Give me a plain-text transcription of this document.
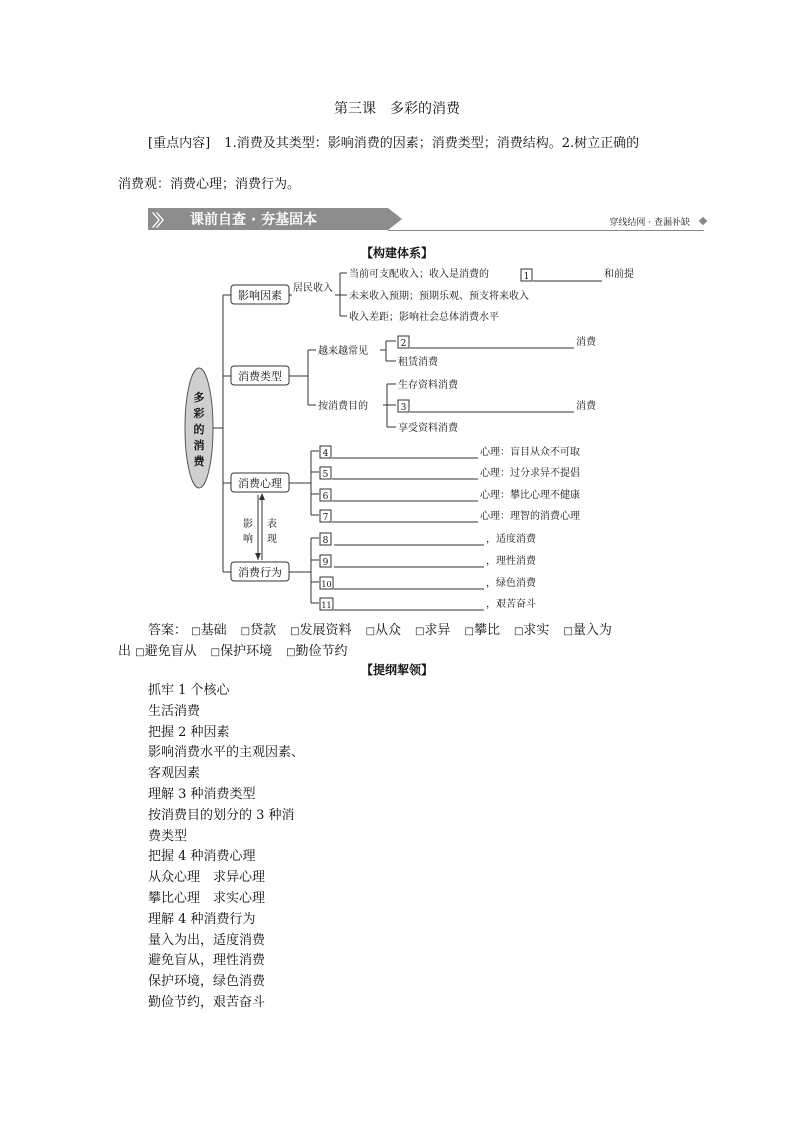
第三课　多彩的消费
[重点内容] 1.消费及其类型：影响消费的因素；消费类型；消费结构。2.树立正确的
消费观：消费心理；消费行为。
〉〉 课前自查 · 夯基固本	穿线结网 · 查漏补缺
【构建体系】
多
彩
的
消
费
影响因素
消费类型
消费心理
消费行为
居民收入
当前可支配收入；收入是消费的	1	和前提
未来收入预期；预期乐观、预支将来收入
收入差距；影响社会总体消费水平
越来越常见
2	消费
租赁消费
按消费目的
生存资料消费
3	消费
享受资料消费
4	心理：盲目从众不可取
5	心理：过分求异不提倡
6	心理：攀比心理不健康
7	心理：理智的消费心理
影
响
表
现	8	，适度消费
9	，理性消费
10	，绿色消费
11	，艰苦奋斗
答案： □基础 □贷款 □发展资料 □从众 □求异 □攀比 □求实 □量入为
出 □避免盲从 □保护环境 □勤俭节约
【提纲挈领】
抓牢 1 个核心
生活消费
把握 2 种因素
影响消费水平的主观因素、
客观因素
理解 3 种消费类型
按消费目的划分的 3 种消
费类型
把握 4 种消费心理
从众心理　求异心理
攀比心理　求实心理
理解 4 种消费行为
量入为出，适度消费
避免盲从，理性消费
保护环境，绿色消费
勤俭节约，艰苦奋斗
